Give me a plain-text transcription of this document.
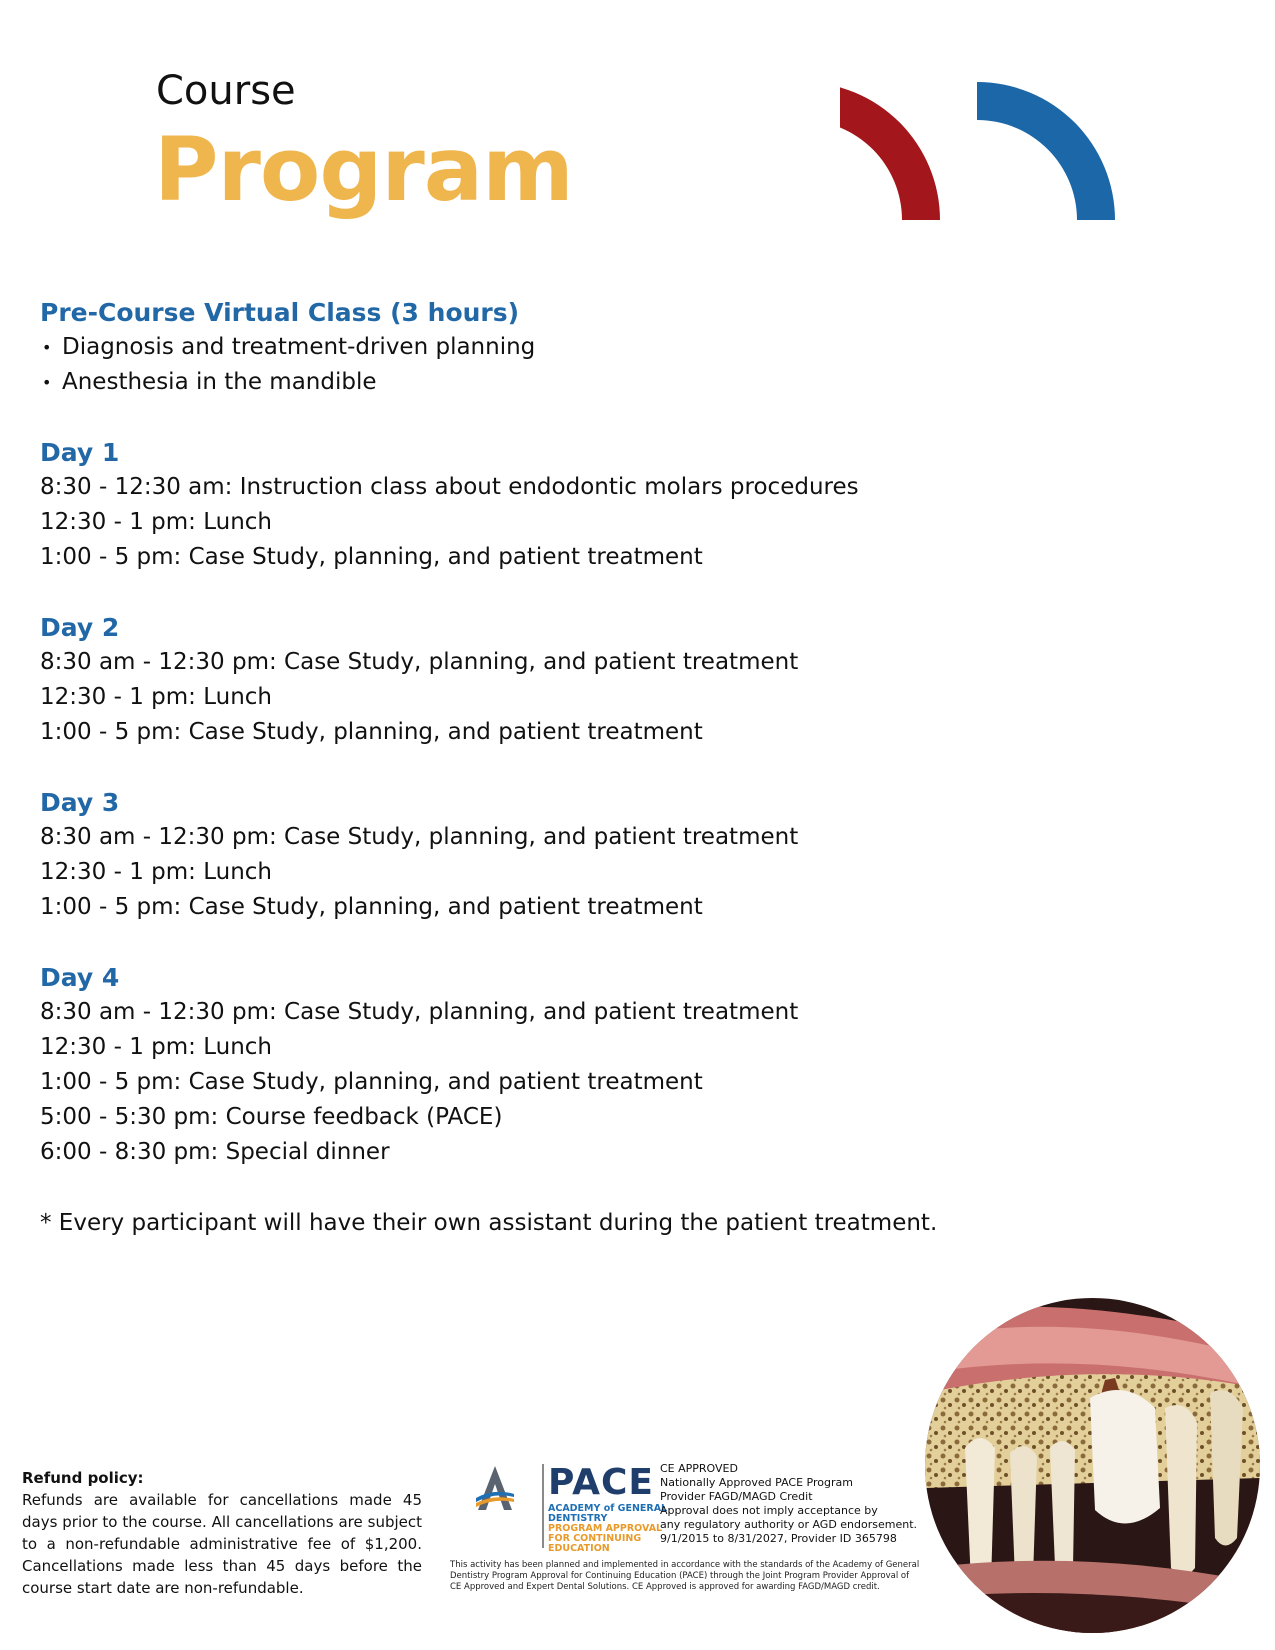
Course
Program
Pre-Course Virtual Class (3 hours)
• Diagnosis and treatment-driven planning
• Anesthesia in the mandible
Day 1
8:30 - 12:30 am: Instruction class about endodontic molars procedures
12:30 - 1 pm: Lunch
1:00 - 5 pm: Case Study, planning, and patient treatment
Day 2
8:30 am - 12:30 pm: Case Study, planning, and patient treatment
12:30 - 1 pm: Lunch
1:00 - 5 pm: Case Study, planning, and patient treatment
Day 3
8:30 am - 12:30 pm: Case Study, planning, and patient treatment
12:30 - 1 pm: Lunch
1:00 - 5 pm: Case Study, planning, and patient treatment
Day 4
8:30 am - 12:30 pm: Case Study, planning, and patient treatment
12:30 - 1 pm: Lunch
1:00 - 5 pm: Case Study, planning, and patient treatment
5:00 - 5:30 pm: Course feedback (PACE)
6:00 - 8:30 pm: Special dinner
* Every participant will have their own assistant during the patient treatment.
Refund policy:
Refunds are available for cancellations made 45 days prior to the course. All cancellations are subject to a non-refundable administrative fee of $1,200. Cancellations made less than 45 days before the course start date are non-refundable.
PACE
ACADEMY of GENERAL DENTISTRY
PROGRAM APPROVAL FOR CONTINUING EDUCATION
CE APPROVED
Nationally Approved PACE Program
Provider FAGD/MAGD Credit
Approval does not imply acceptance by
any regulatory authority or AGD endorsement.
9/1/2015 to 8/31/2027, Provider ID 365798
This activity has been planned and implemented in accordance with the standards of the Academy of General Dentistry Program Approval for Continuing Education (PACE) through the Joint Program Provider Approval of CE Approved and Expert Dental Solutions. CE Approved is approved for awarding FAGD/MAGD credit.
